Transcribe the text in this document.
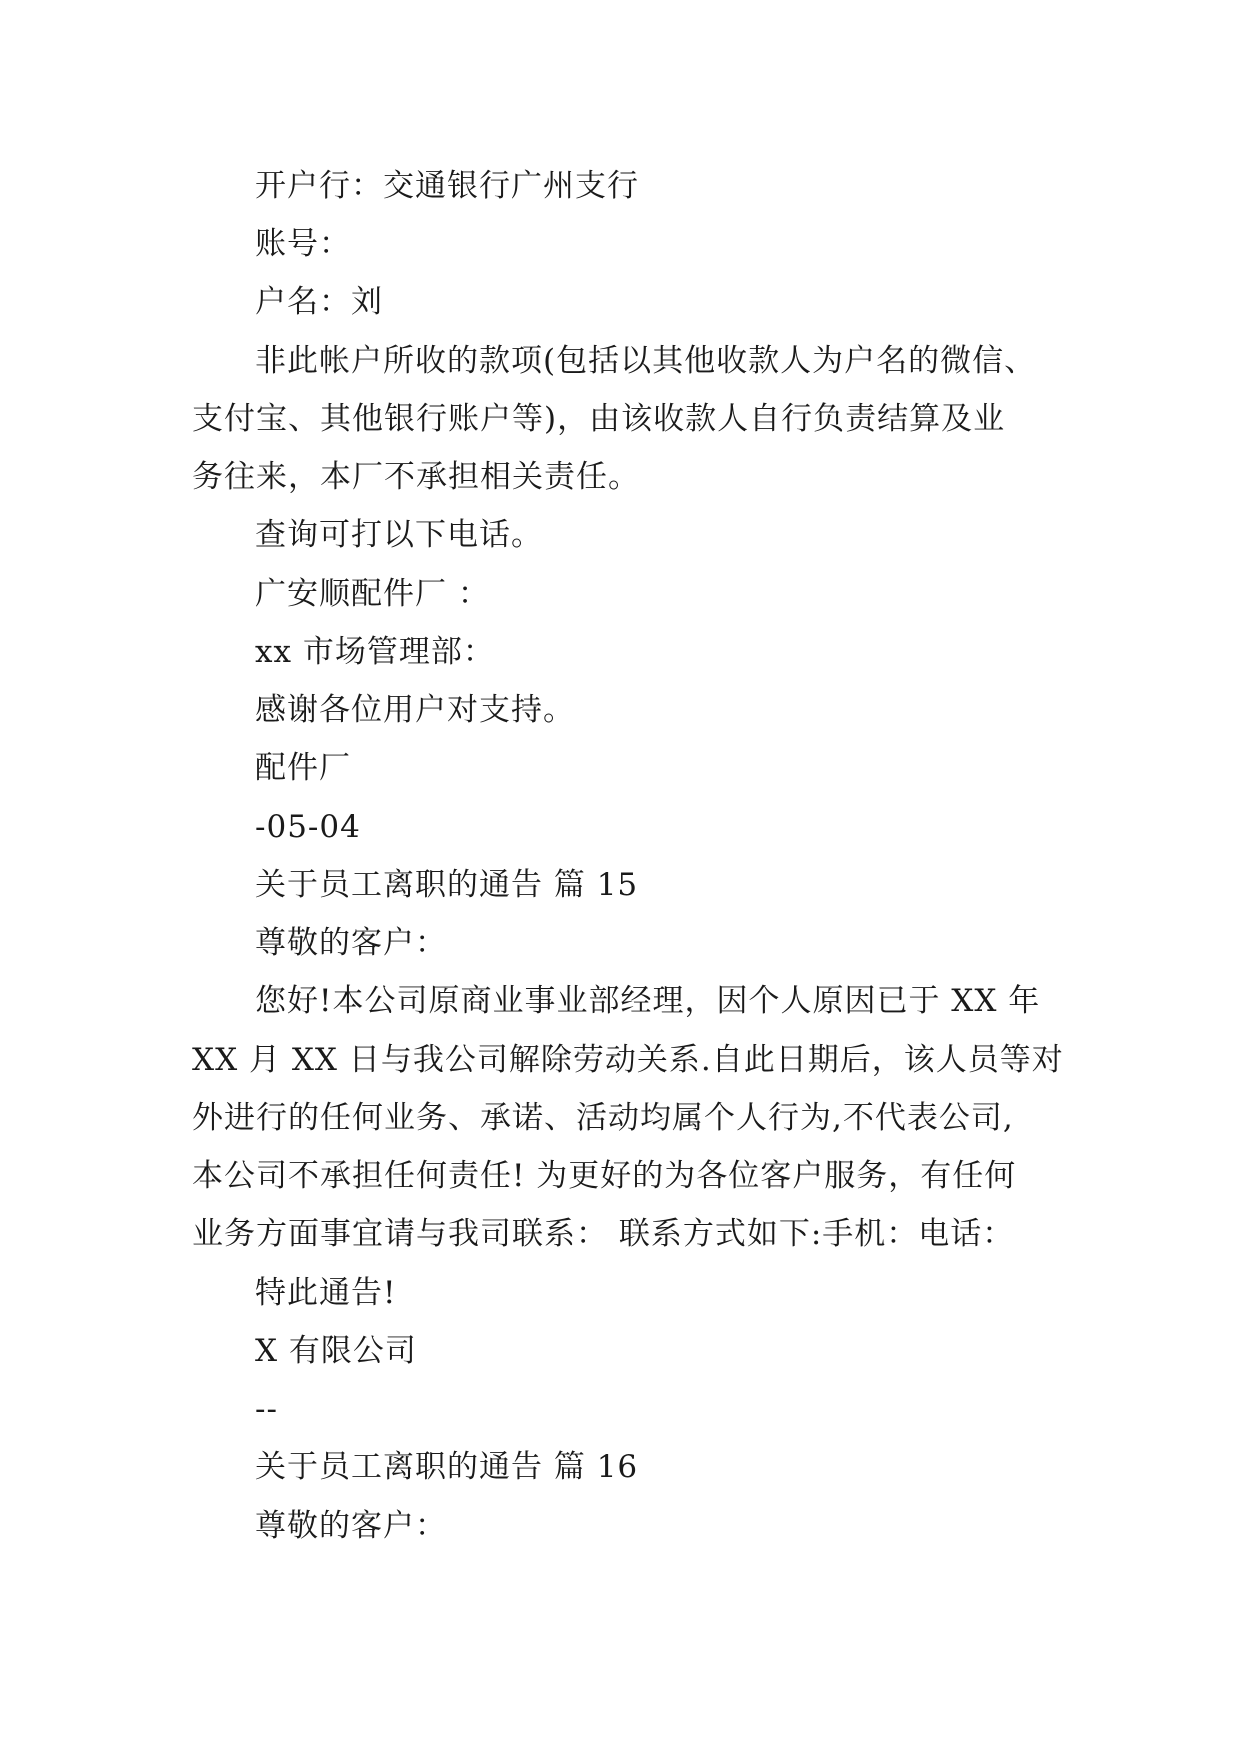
开户行：交通银行广州支行
账号：
户名：刘
非此帐户所收的款项(包括以其他收款人为户名的微信、
支付宝、其他银行账户等)，由该收款人自行负责结算及业
务往来，本厂不承担相关责任。
查询可打以下电话。
广安顺配件厂 ：
xx 市场管理部：
感谢各位用户对支持。
配件厂
-05-04
关于员工离职的通告 篇 15
尊敬的客户：
您好!本公司原商业事业部经理，因个人原因已于 XX 年
XX 月 XX 日与我公司解除劳动关系.自此日期后，该人员等对
外进行的任何业务、承诺、活动均属个人行为,不代表公司,
本公司不承担任何责任! 为更好的为各位客户服务，有任何
业务方面事宜请与我司联系： 联系方式如下:手机：电话：
特此通告!
X 有限公司
--
关于员工离职的通告 篇 16
尊敬的客户：
